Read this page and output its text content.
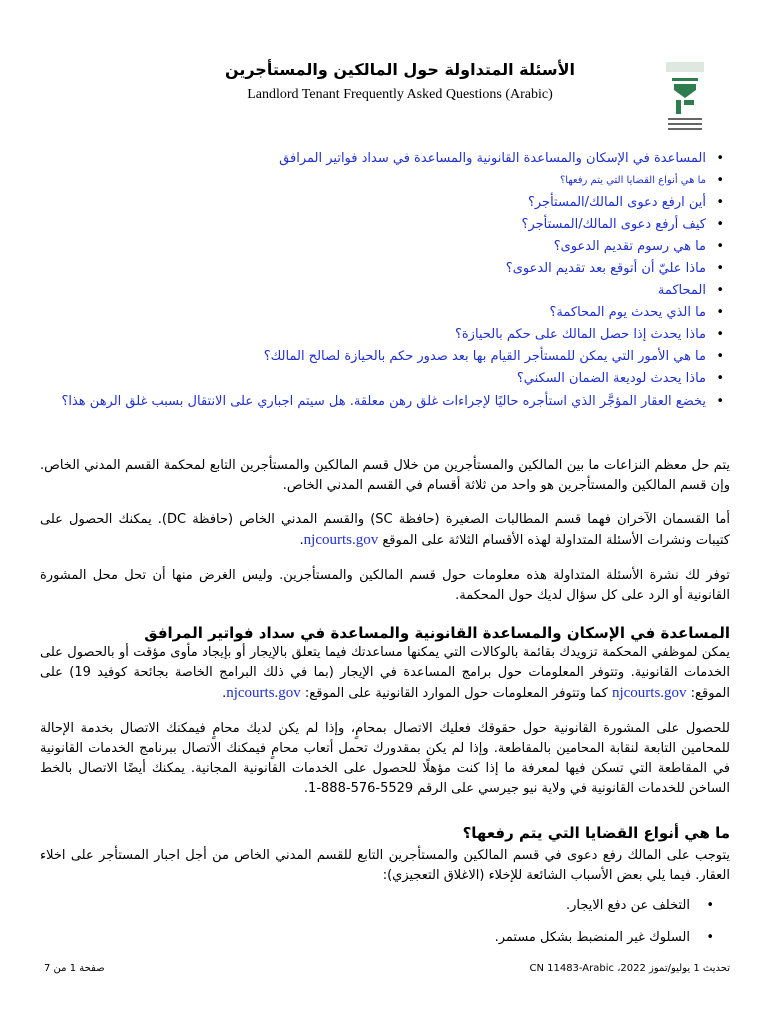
الأسئلة المتداولة حول المالكين والمستأجرين
Landlord Tenant Frequently Asked Questions (Arabic)
• المساعدة في الإسكان والمساعدة القانونية والمساعدة في سداد فواتير المرافق
• ما هي أنواع القضايا التي يتم رفعها؟
• أين ارفع دعوى المالك/المستأجر؟
• كيف أرفع دعوى المالك/المستأجر؟
• ما هي رسوم تقديم الدعوى؟
• ماذا عليّ أن أتوقع بعد تقديم الدعوى؟
• المحاكمة
• ما الذي يحدث يوم المحاكمة؟
• ماذا يحدث إذا حصل المالك على حكم بالحيازة؟
• ما هي الأمور التي يمكن للمستأجر القيام بها بعد صدور حكم بالحيازة لصالح المالك؟
• ماذا يحدث لوديعة الضمان السكني؟
• يخضع العقار المؤجَّر الذي استأجره حاليًا لإجراءات غلق رهن معلقة. هل سيتم اجباري على الانتقال بسبب غلق الرهن هذا؟

يتم حل معظم النزاعات ما بين المالكين والمستأجرين من خلال قسم المالكين والمستأجرين التابع لمحكمة القسم المدني الخاص. وإن قسم المالكين والمستأجرين هو واحد من ثلاثة أقسام في القسم المدني الخاص.

أما القسمان الآخران فهما قسم المطالبات الصغيرة (حافظة SC) والقسم المدني الخاص (حافظة DC). يمكنك الحصول على كتيبات ونشرات الأسئلة المتداولة لهذه الأقسام الثلاثة على الموقع njcourts.gov.

توفر لك نشرة الأسئلة المتداولة هذه معلومات حول قسم المالكين والمستأجرين. وليس الغرض منها أن تحل محل المشورة القانونية أو الرد على كل سؤال لديك حول المحكمة.

المساعدة في الإسكان والمساعدة القانونية والمساعدة في سداد فواتير المرافق

يمكن لموظفي المحكمة تزويدك بقائمة بالوكالات التي يمكنها مساعدتك فيما يتعلق بالإيجار أو بإيجاد مأوى مؤقت أو بالحصول على الخدمات القانونية. وتتوفر المعلومات حول برامج المساعدة في الإيجار (بما في ذلك البرامج الخاصة بجائحة كوفيد 19) على الموقع: njcourts.gov كما وتتوفر المعلومات حول الموارد القانونية على الموقع: njcourts.gov.

للحصول على المشورة القانونية حول حقوقك فعليك الاتصال بمحامٍ، وإذا لم يكن لديك محامٍ فيمكنك الاتصال بخدمة الإحالة للمحامين التابعة لنقابة المحامين بالمقاطعة. وإذا لم يكن بمقدورك تحمل أتعاب محامٍ فيمكنك الاتصال ببرنامج الخدمات القانونية في المقاطعة التي تسكن فيها لمعرفة ما إذا كنت مؤهلًا للحصول على الخدمات القانونية المجانية. يمكنك أيضًا الاتصال بالخط الساخن للخدمات القانونية في ولاية نيو جيرسي على الرقم 5529-576-888-1.

ما هي أنواع القضايا التي يتم رفعها؟

يتوجب على المالك رفع دعوى في قسم المالكين والمستأجرين التابع للقسم المدني الخاص من أجل اجبار المستأجر على اخلاء العقار. فيما يلي بعض الأسباب الشائعة للإخلاء (الاغلاق التعجيزي):

• التخلف عن دفع الايجار.
• السلوك غير المنضبط بشكل مستمر.
صفحة 1 من 7	تحديث 1 يوليو/تموز 2022، CN 11483-Arabic
